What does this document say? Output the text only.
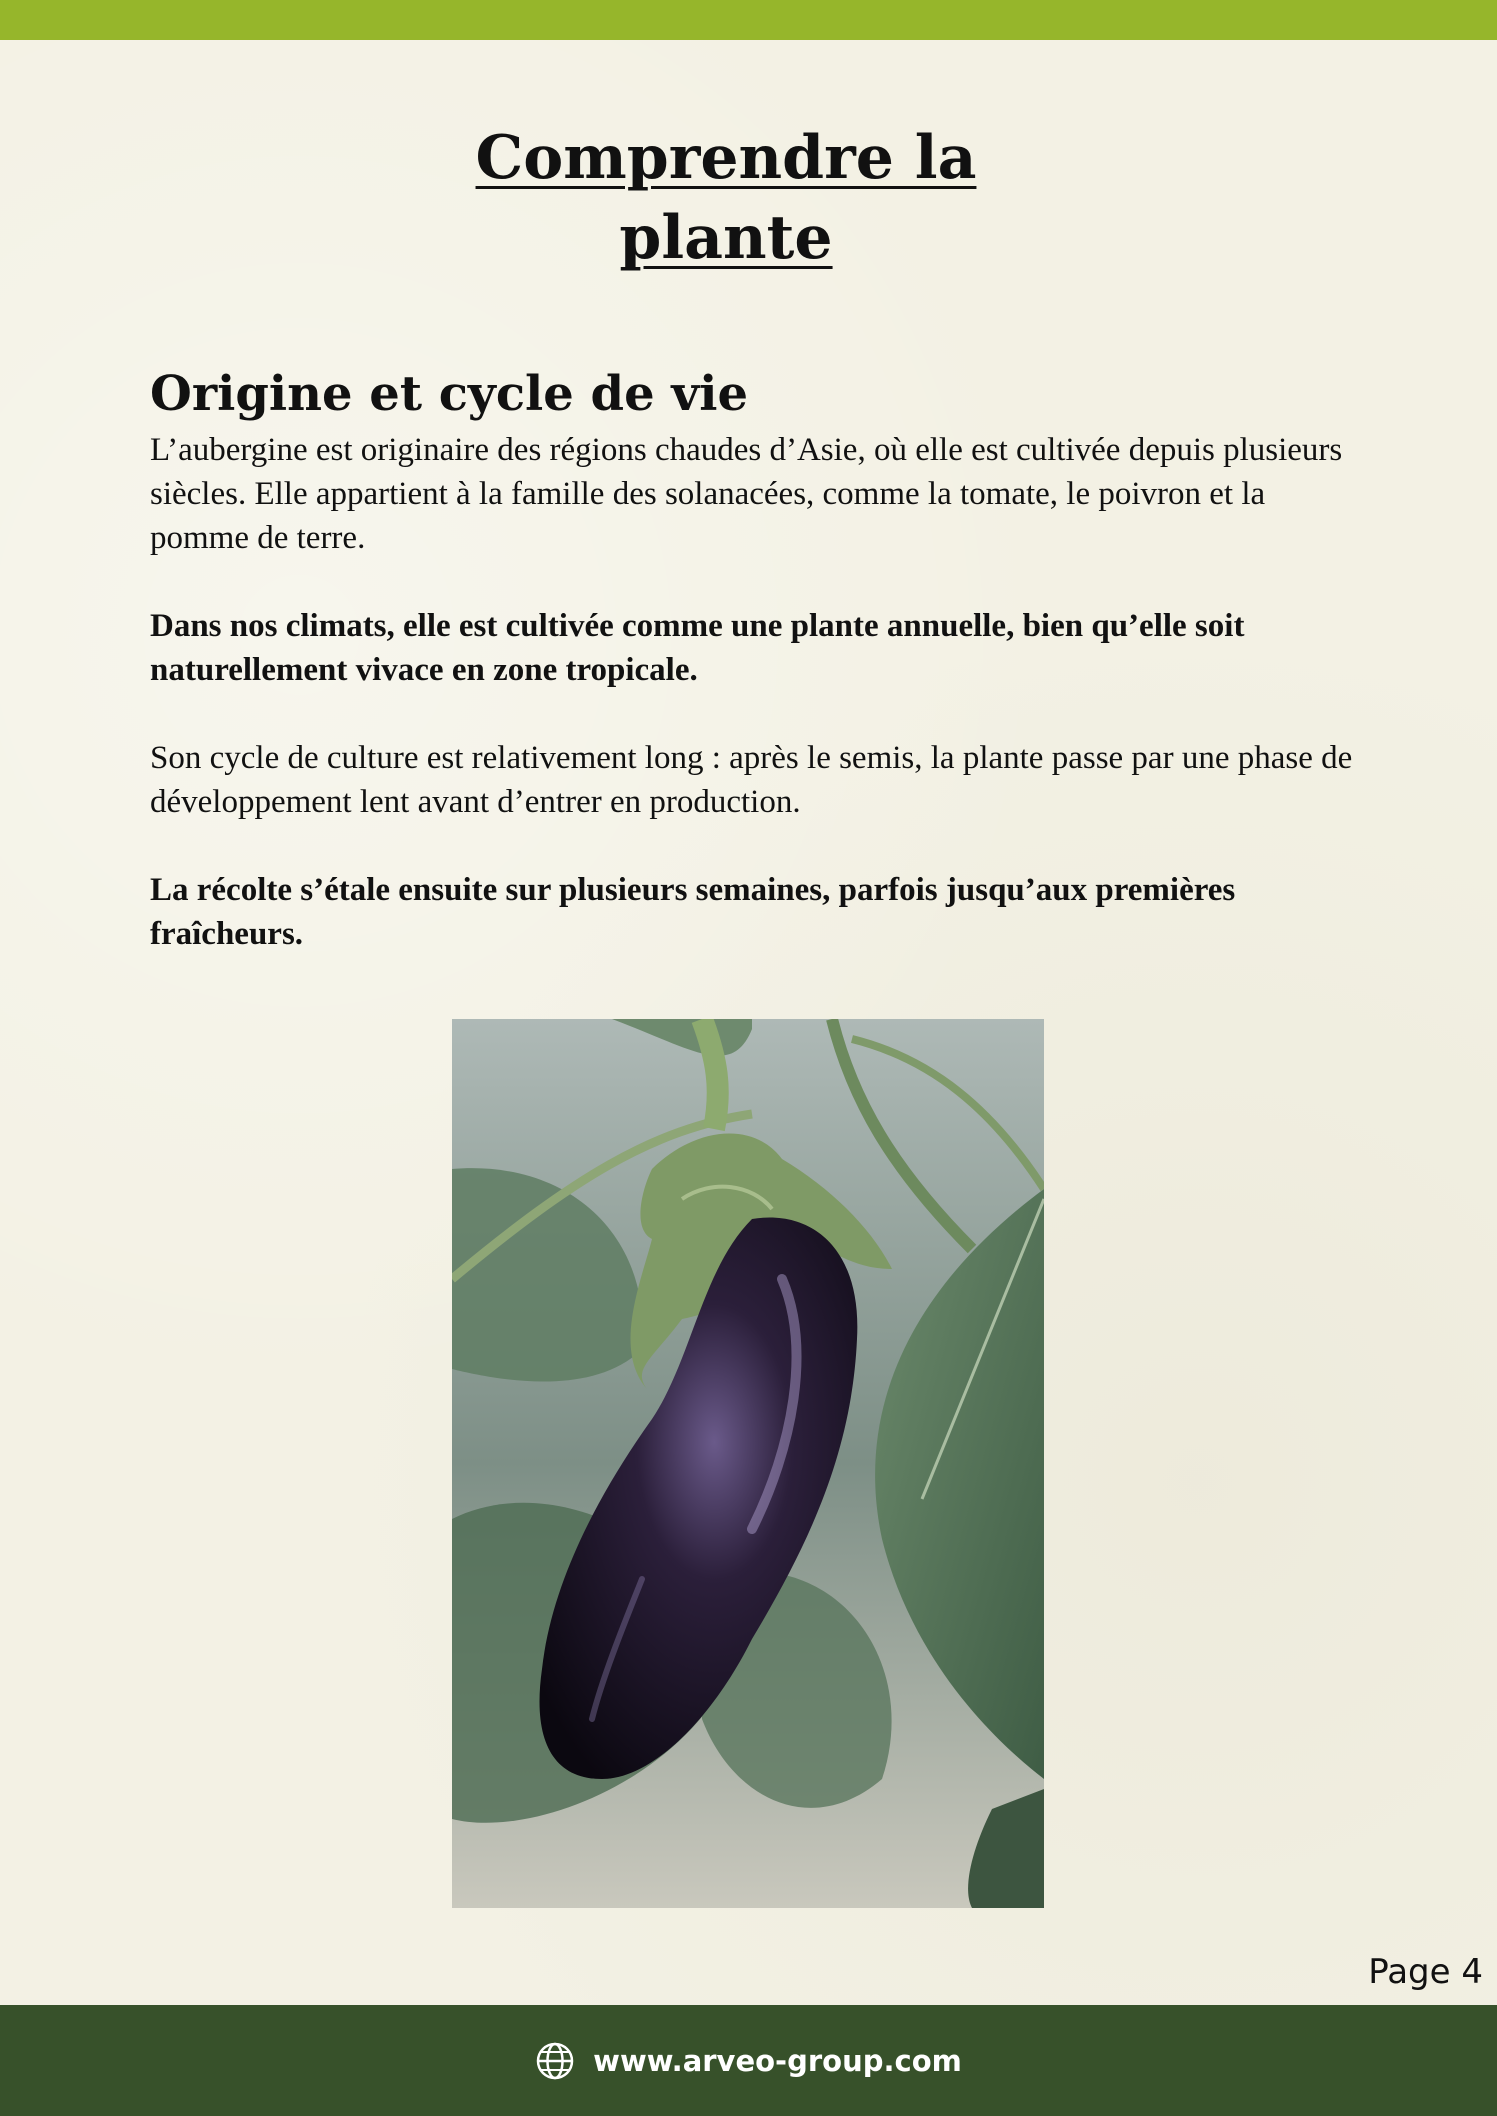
Comprendre la
plante
Origine et cycle de vie

L’aubergine est originaire des régions chaudes d’Asie, où elle est cultivée depuis plusieurs siècles. Elle appartient à la famille des solanacées, comme la tomate, le poivron et la pomme de terre.

Dans nos climats, elle est cultivée comme une plante annuelle, bien qu’elle soit naturellement vivace en zone tropicale.

Son cycle de culture est relativement long : après le semis, la plante passe par une phase de développement lent avant d’entrer en production.

La récolte s’étale ensuite sur plusieurs semaines, parfois jusqu’aux premières fraîcheurs.

Page 4
www.arveo-group.com
